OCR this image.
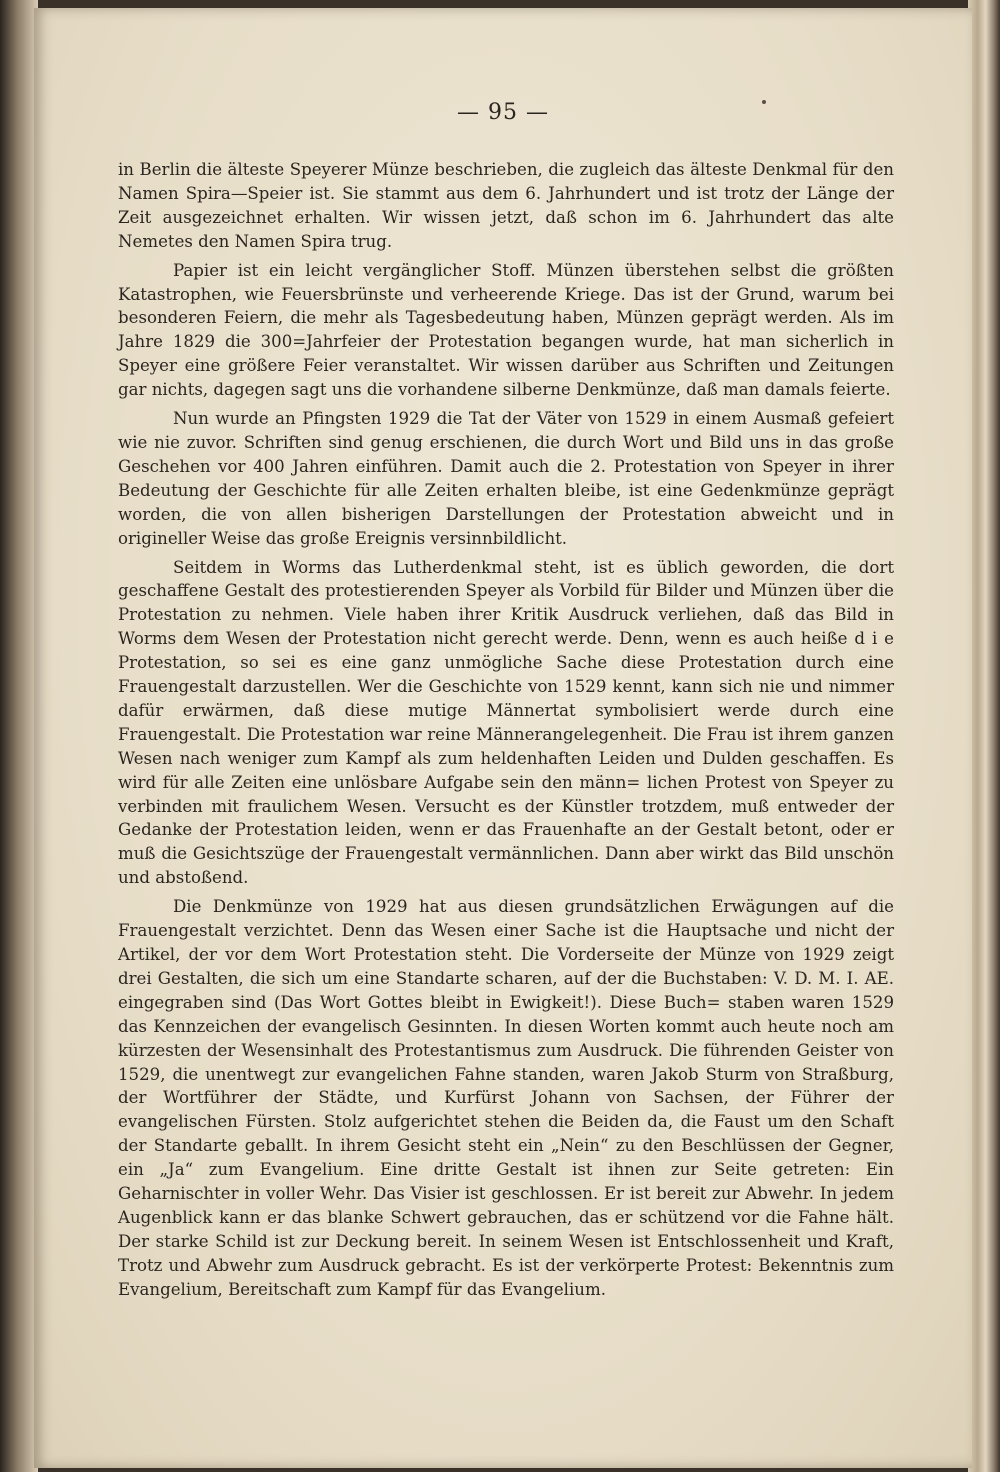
— 95 —

in Berlin die älteste Speyerer Münze beschrieben, die zugleich das älteste Denkmal für den Namen Spira—Speier ist. Sie stammt aus dem 6. Jahrhundert und ist trotz der Länge der Zeit ausgezeichnet erhalten. Wir wissen jetzt, daß schon im 6. Jahrhundert das alte Nemetes den Namen Spira trug.

Papier ist ein leicht vergänglicher Stoff. Münzen überstehen selbst die größten Katastrophen, wie Feuersbrünste und verheerende Kriege. Das ist der Grund, warum bei besonderen Feiern, die mehr als Tagesbedeutung haben, Münzen geprägt werden. Als im Jahre 1829 die 300=Jahrfeier der Protestation begangen wurde, hat man sicherlich in Speyer eine größere Feier veranstaltet. Wir wissen darüber aus Schriften und Zeitungen gar nichts, dagegen sagt uns die vorhandene silberne Denkmünze, daß man damals feierte.

Nun wurde an Pfingsten 1929 die Tat der Väter von 1529 in einem Ausmaß gefeiert wie nie zuvor. Schriften sind genug erschienen, die durch Wort und Bild uns in das große Geschehen vor 400 Jahren einführen. Damit auch die 2. Protestation von Speyer in ihrer Bedeutung der Geschichte für alle Zeiten erhalten bleibe, ist eine Gedenkmünze geprägt worden, die von allen bisherigen Darstellungen der Protestation abweicht und in origineller Weise das große Ereignis versinnbildlicht.

Seitdem in Worms das Lutherdenkmal steht, ist es üblich geworden, die dort geschaffene Gestalt des protestierenden Speyer als Vorbild für Bilder und Münzen über die Protestation zu nehmen. Viele haben ihrer Kritik Ausdruck verliehen, daß das Bild in Worms dem Wesen der Protestation nicht gerecht werde. Denn, wenn es auch heiße d i e Protestation, so sei es eine ganz unmögliche Sache diese Protestation durch eine Frauengestalt darzustellen. Wer die Geschichte von 1529 kennt, kann sich nie und nimmer dafür erwärmen, daß diese mutige Männertat symbolisiert werde durch eine Frauengestalt. Die Protestation war reine Männerangelegenheit. Die Frau ist ihrem ganzen Wesen nach weniger zum Kampf als zum heldenhaften Leiden und Dulden geschaffen. Es wird für alle Zeiten eine unlösbare Aufgabe sein den männ= lichen Protest von Speyer zu verbinden mit fraulichem Wesen. Versucht es der Künstler trotzdem, muß entweder der Gedanke der Protestation leiden, wenn er das Frauenhafte an der Gestalt betont, oder er muß die Gesichtszüge der Frauengestalt vermännlichen. Dann aber wirkt das Bild unschön und abstoßend.

Die Denkmünze von 1929 hat aus diesen grundsätzlichen Erwägungen auf die Frauengestalt verzichtet. Denn das Wesen einer Sache ist die Hauptsache und nicht der Artikel, der vor dem Wort Protestation steht. Die Vorderseite der Münze von 1929 zeigt drei Gestalten, die sich um eine Standarte scharen, auf der die Buchstaben: V. D. M. I. AE. eingegraben sind (Das Wort Gottes bleibt in Ewigkeit!). Diese Buch= staben waren 1529 das Kennzeichen der evangelisch Gesinnten. In diesen Worten kommt auch heute noch am kürzesten der Wesensinhalt des Protestantismus zum Ausdruck. Die führenden Geister von 1529, die unentwegt zur evangelichen Fahne standen, waren Jakob Sturm von Straßburg, der Wortführer der Städte, und Kurfürst Johann von Sachsen, der Führer der evangelischen Fürsten. Stolz aufgerichtet stehen die Beiden da, die Faust um den Schaft der Standarte geballt. In ihrem Gesicht steht ein „Nein“ zu den Beschlüssen der Gegner, ein „Ja“ zum Evangelium. Eine dritte Gestalt ist ihnen zur Seite getreten: Ein Geharnischter in voller Wehr. Das Visier ist geschlossen. Er ist bereit zur Abwehr. In jedem Augenblick kann er das blanke Schwert gebrauchen, das er schützend vor die Fahne hält. Der starke Schild ist zur Deckung bereit. In seinem Wesen ist Entschlossenheit und Kraft, Trotz und Abwehr zum Ausdruck gebracht. Es ist der verkörperte Protest: Bekenntnis zum Evangelium, Bereitschaft zum Kampf für das Evangelium.
